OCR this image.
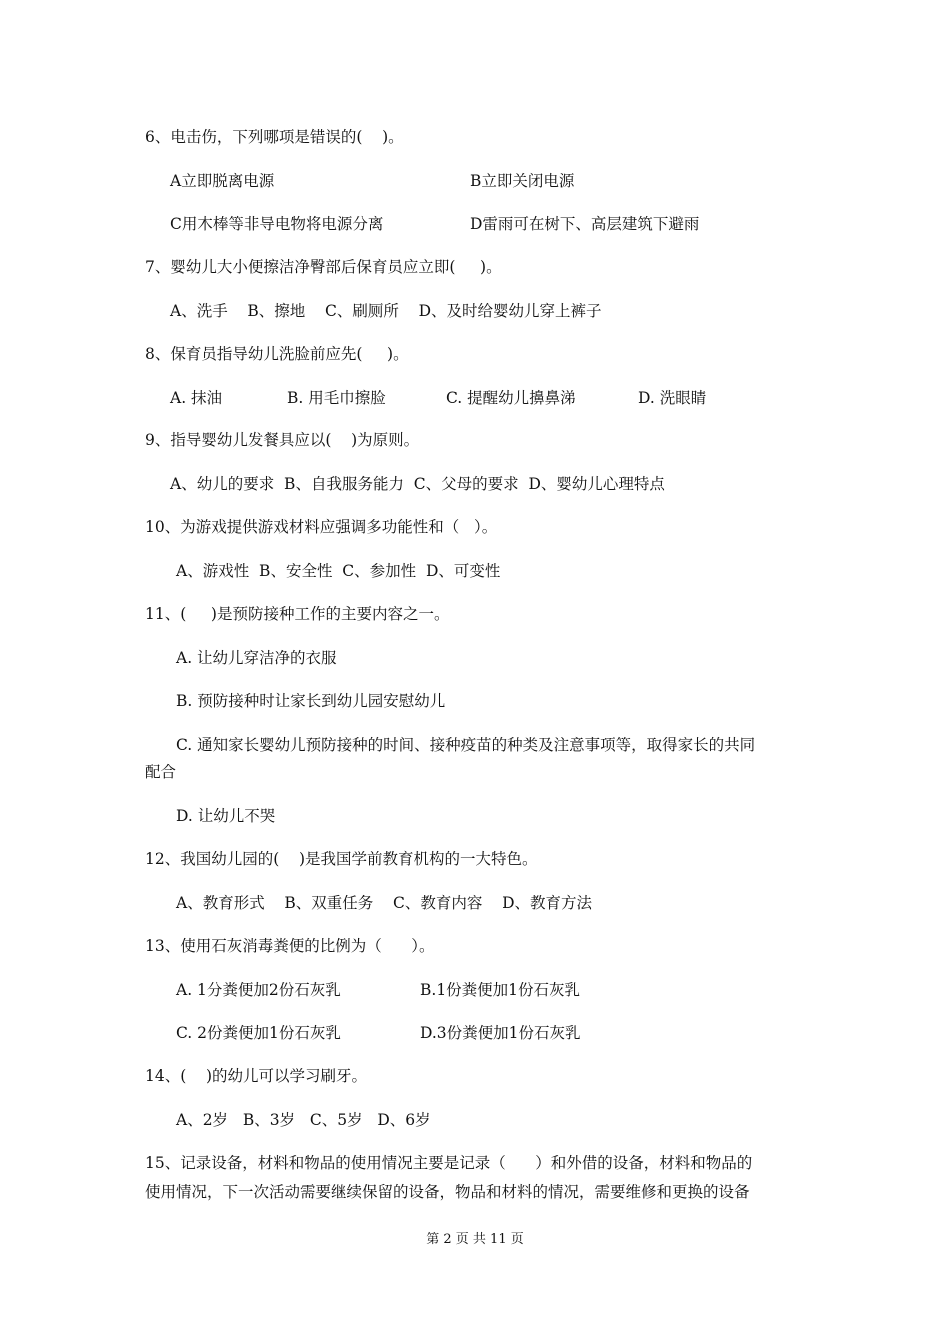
6、电击伤，下列哪项是错误的(    )。
A立即脱离电源	B立即关闭电源
C用木棒等非导电物将电源分离	D雷雨可在树下、高层建筑下避雨
7、婴幼儿大小便擦洁净臀部后保育员应立即(     )。
A、洗手    B、擦地    C、刷厕所    D、及时给婴幼儿穿上裤子
8、保育员指导幼儿洗脸前应先(     )。
A. 抹油	B. 用毛巾擦脸	C. 提醒幼儿擤鼻涕	D. 洗眼睛
9、指导婴幼儿发餐具应以(    )为原则。
A、幼儿的要求  B、自我服务能力  C、父母的要求  D、婴幼儿心理特点
10、为游戏提供游戏材料应强调多功能性和（   ）。
A、游戏性  B、安全性  C、参加性  D、可变性
11、(     )是预防接种工作的主要内容之一。
A. 让幼儿穿洁净的衣服
B. 预防接种时让家长到幼儿园安慰幼儿
C. 通知家长婴幼儿预防接种的时间、接种疫苗的种类及注意事项等，取得家长的共同
配合
D. 让幼儿不哭
12、我国幼儿园的(    )是我国学前教育机构的一大特色。
A、教育形式    B、双重任务    C、教育内容    D、教育方法
13、使用石灰消毒粪便的比例为（      ）。
A. 1分粪便加2份石灰乳	B.1份粪便加1份石灰乳
C. 2份粪便加1份石灰乳	D.3份粪便加1份石灰乳
14、(    )的幼儿可以学习刷牙。
A、2岁   B、3岁   C、5岁   D、6岁
15、记录设备，材料和物品的使用情况主要是记录（      ）和外借的设备，材料和物品的
使用情况，下一次活动需要继续保留的设备，物品和材料的情况，需要维修和更换的设备
第 2 页 共 11 页
